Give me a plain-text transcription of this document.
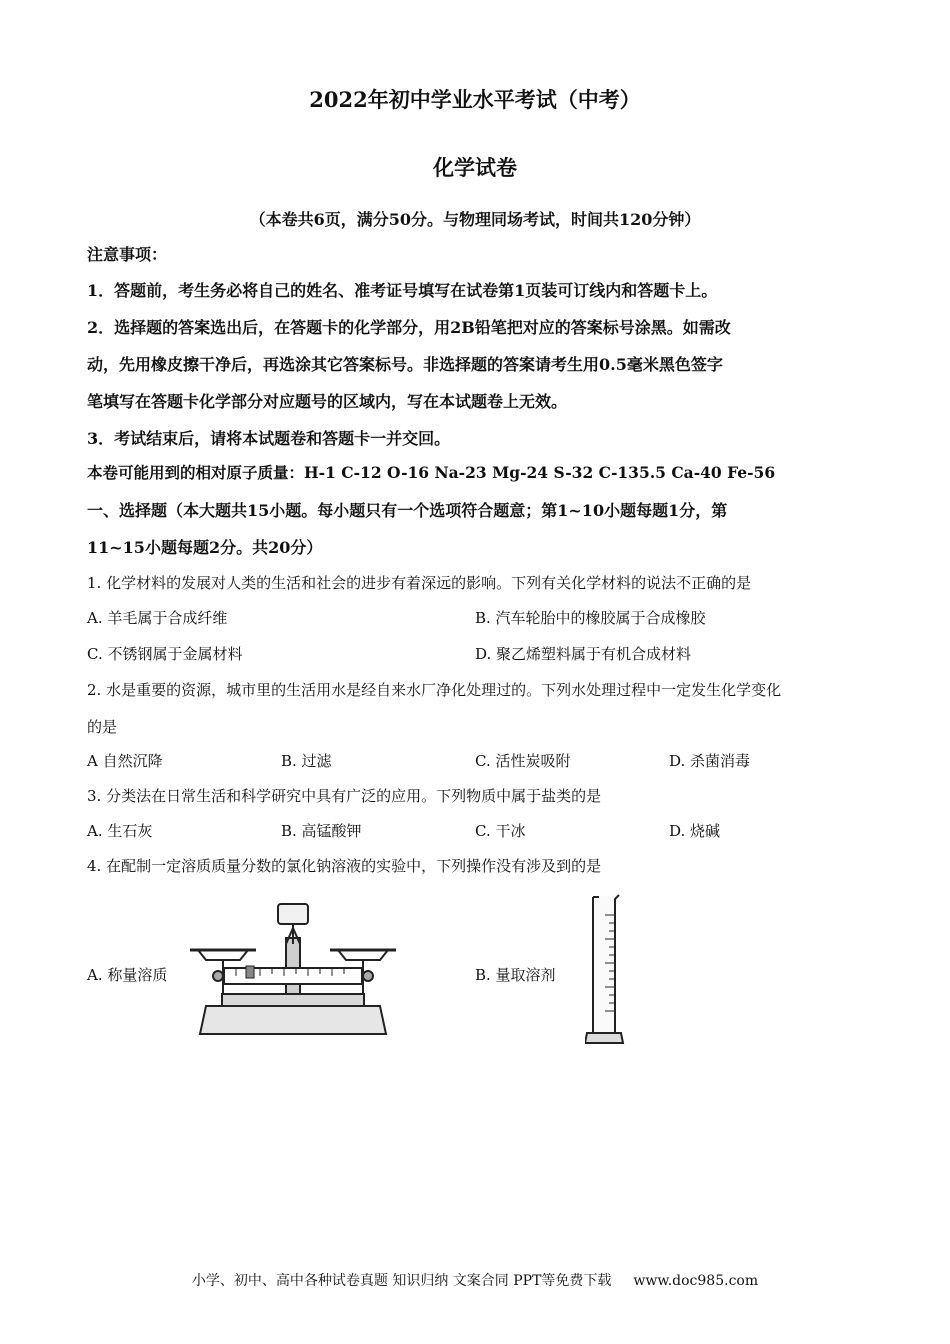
2022年初中学业水平考试（中考）
化学试卷
（本卷共6页，满分50分。与物理同场考试，时间共120分钟）
注意事项：
1．答题前，考生务必将自己的姓名、准考证号填写在试卷第1页装可订线内和答题卡上。
2．选择题的答案选出后，在答题卡的化学部分，用2B铅笔把对应的答案标号涂黑。如需改
动，先用橡皮擦干净后，再选涂其它答案标号。非选择题的答案请考生用0.5毫米黑色签字
笔填写在答题卡化学部分对应题号的区域内，写在本试题卷上无效。
3．考试结束后，请将本试题卷和答题卡一并交回。
本卷可能用到的相对原子质量：H-1 C-12 O-16 Na-23 Mg-24 S-32 C-135.5 Ca-40 Fe-56
一、选择题（本大题共15小题。每小题只有一个选项符合题意；第1~10小题每题1分，第
11~15小题每题2分。共20分）
1. 化学材料的发展对人类的生活和社会的进步有着深远的影响。下列有关化学材料的说法不正确的是
A. 羊毛属于合成纤维	B. 汽车轮胎中的橡胶属于合成橡胶
C. 不锈钢属于金属材料	D. 聚乙烯塑料属于有机合成材料
2. 水是重要的资源，城市里的生活用水是经自来水厂净化处理过的。下列水处理过程中一定发生化学变化
的是
A 自然沉降	B. 过滤	C. 活性炭吸附	D. 杀菌消毒
3. 分类法在日常生活和科学研究中具有广泛的应用。下列物质中属于盐类的是
A. 生石灰	B. 高锰酸钾	C. 干冰	D. 烧碱
4. 在配制一定溶质质量分数的氯化钠溶液的实验中，下列操作没有涉及到的是
A. 称量溶质	B. 量取溶剂
小学、初中、高中各种试卷真题 知识归纳 文案合同 PPT等免费下载 www.doc985.com
